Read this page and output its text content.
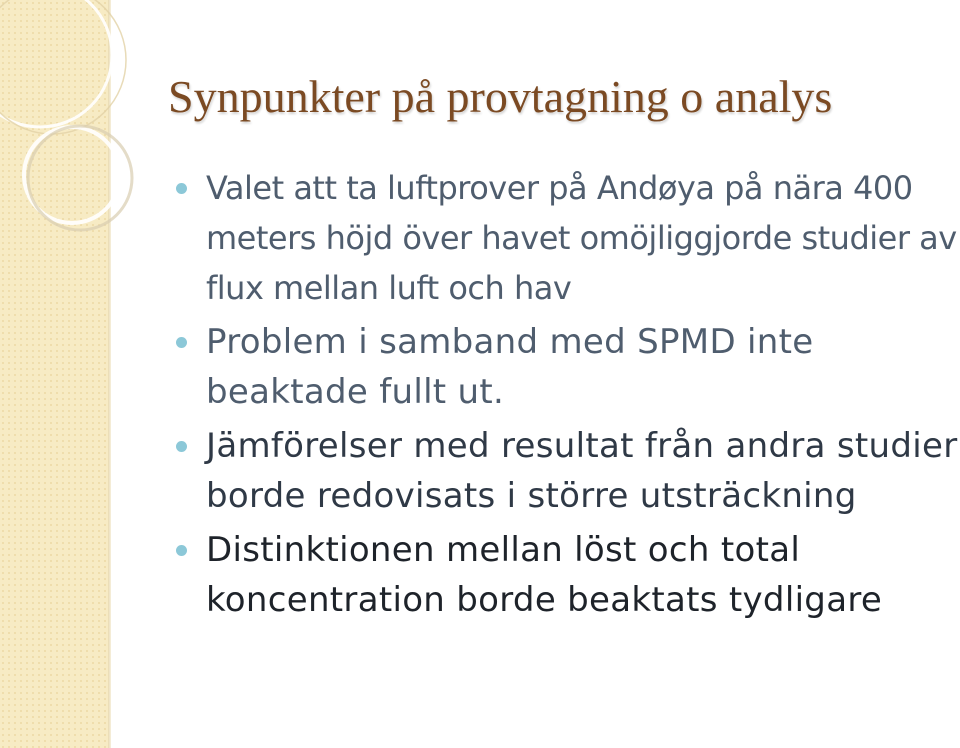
Synpunkter på provtagning o analys
Valet att ta luftprover på Andøya på nära 400 meters höjd över havet omöjliggjorde studier av flux mellan luft och hav
Problem i samband med SPMD inte beaktade fullt ut.
Jämförelser med resultat från andra studier borde redovisats i större utsträckning
Distinktionen mellan löst och total koncentration borde beaktats tydligare
